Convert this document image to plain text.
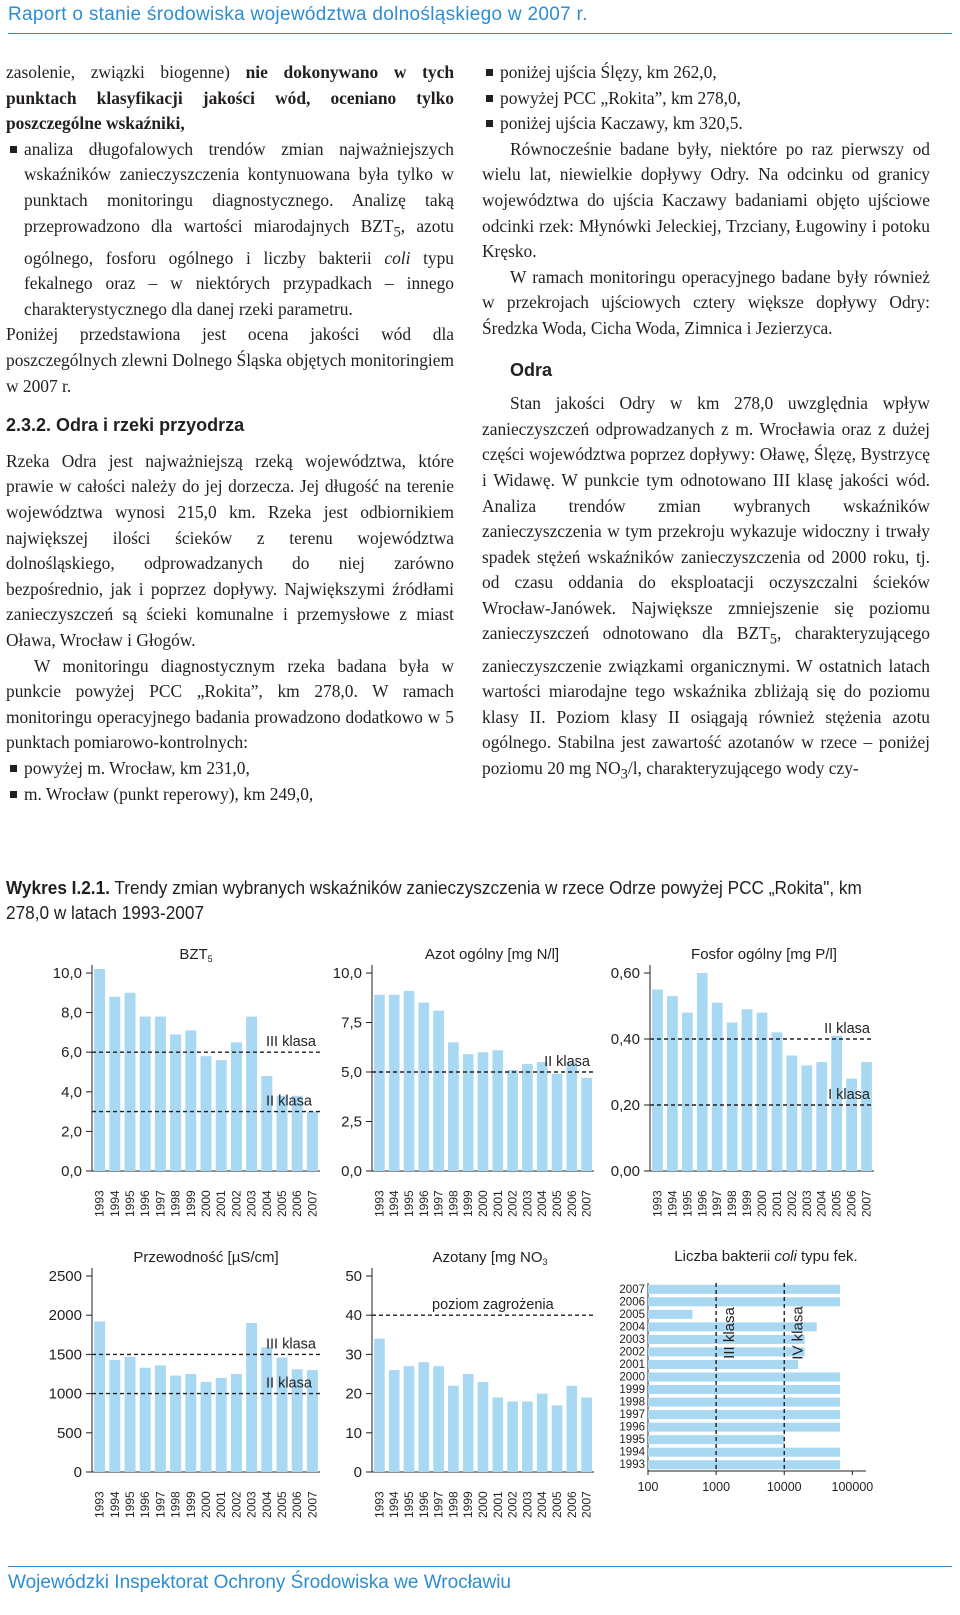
Raport o stanie środowiska województwa dolnośląskiego w 2007 r.

zasolenie, związki biogenne) nie dokonywano w tych punktach klasyfikacji jakości wód, oceniano tylko poszczególne wskaźniki,

analiza długofalowych trendów zmian najważniejszych wskaźników zanieczyszczenia kontynuowana była tylko w punktach monitoringu diagnostycznego. Analizę taką przeprowadzono dla wartości miarodajnych $BZT_5$, azotu ogólnego, fosforu ogólnego i liczby bakterii coli typu fekalnego oraz – w niektórych przypadkach – innego charakterystycznego dla danej rzeki parametru.

Poniżej przedstawiona jest ocena jakości wód dla poszczególnych zlewni Dolnego Śląska objętych monitoringiem w 2007 r.

2.3.2. Odra i rzeki przyodrza

Rzeka Odra jest najważniejszą rzeką województwa, które prawie w całości należy do jej dorzecza. Jej długość na terenie województwa wynosi 215,0 km. Rzeka jest odbiornikiem największej ilości ścieków z terenu województwa dolnośląskiego, odprowadzanych do niej zarówno bezpośrednio, jak i poprzez dopływy. Największymi źródłami zanieczyszczeń są ścieki komunalne i przemysłowe z miast Oława, Wrocław i Głogów.

W monitoringu diagnostycznym rzeka badana była w punkcie powyżej PCC „Rokita”, km 278,0. W ramach monitoringu operacyjnego badania prowadzono dodatkowo w 5 punktach pomiarowo-kontrolnych:

powyżej m. Wrocław, km 231,0,

m. Wrocław (punkt reperowy), km 249,0,

poniżej ujścia Ślęzy, km 262,0,

powyżej PCC „Rokita”, km 278,0,

poniżej ujścia Kaczawy, km 320,5.

Równocześnie badane były, niektóre po raz pierwszy od wielu lat, niewielkie dopływy Odry. Na odcinku od granicy województwa do ujścia Kaczawy badaniami objęto ujściowe odcinki rzek: Młynówki Jeleckiej, Trzciany, Ługowiny i potoku Kręsko.

W ramach monitoringu operacyjnego badane były również w przekrojach ujściowych cztery większe dopływy Odry: Średzka Woda, Cicha Woda, Zimnica i Jezierzyca.

Odra

Stan jakości Odry w km 278,0 uwzględnia wpływ zanieczyszczeń odprowadzanych z m. Wrocławia oraz z dużej części województwa poprzez dopływy: Oławę, Ślęzę, Bystrzycę i Widawę. W punkcie tym odnotowano III klasę jakości wód. Analiza trendów zmian wybranych wskaźników zanieczyszczenia w tym przekroju wykazuje widoczny i trwały spadek stężeń wskaźników zanieczyszczenia od 2000 roku, tj. od czasu oddania do eksploatacji oczyszczalni ścieków Wrocław-Janówek. Największe zmniejszenie się poziomu zanieczyszczeń odnotowano dla $BZT_5$, charakteryzującego zanieczyszczenie związkami organicznymi. W ostatnich latach wartości miarodajne tego wskaźnika zbliżają się do poziomu klasy II. Poziom klasy II osiągają również stężenia azotu ogólnego. Stabilna jest zawartość azotanów w rzece – poniżej poziomu 20 mg $NO_3/l$, charakteryzującego wody czy-

Wykres I.2.1. Trendy zmian wybranych wskaźników zanieczyszczenia w rzece Odrze powyżej PCC „Rokita", km 278,0 w latach 1993-2007
0,0
2,0
4,0
6,0
8,0
10,0
1993 1994 1995 1996 1997 1998 1999 2000 2001 2002 2003 2004 2005 2006 2007
III klasa
II klasa
$BZT_5$
0,0
2,5
5,0
7,5
10,0
1993 1994 1995 1996 1997 1998 1999 2000 2001 2002 2003 2004 2005 2006 2007
II klasa
Azot ogólny [mg N/l]
0,00
0,20
0,40
0,60
1993 1994 1995 1996 1997 1998 1999 2000 2001 2002 2003 2004 2005 2006 2007
II klasa
I klasa
Fosfor ogólny [mg P/l]
0
500
1000
1500
2000
2500
1993 1994 1995 1996 1997 1998 1999 2000 2001 2002 2003 2004 2005 2006 2007
III klasa
II klasa
Przewodność [µS/cm]
0
10
20
30
40
50
1993 1994 1995 1996 1997 1998 1999 2000 2001 2002 2003 2004 2005 2006 2007
poziom zagrożenia
Azotany [mg $NO_3$
2007
2006
2005
2004
2003
2002
2001
2000
1999
1998
1997
1996
1995
1994
1993
100	1000	10000 100000
III klasa	IV klasa
Liczba bakterii coli typu fek.
Wojewódzki Inspektorat Ochrony Środowiska we Wrocławiu
